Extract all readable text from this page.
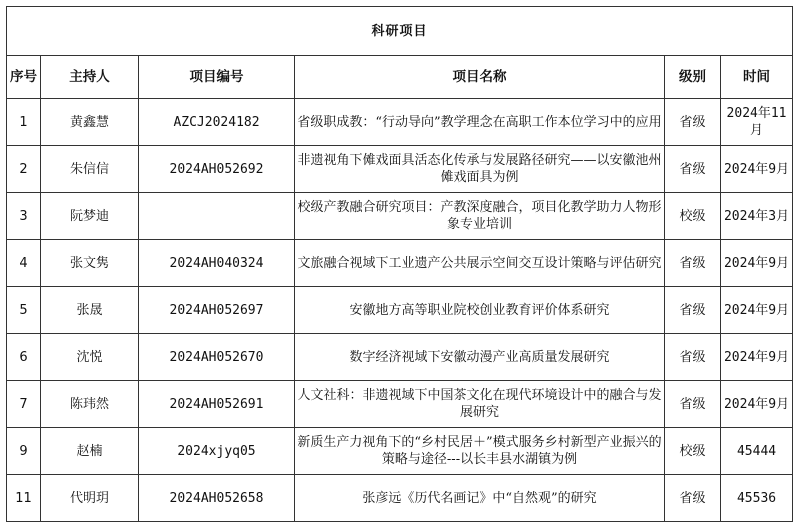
科研项目					
序号	主持人	项目编号	项目名称	级别	时间
1	黄鑫慧	AZCJ2024182	省级职成教：“行动导向”教学理念在高职工作本位学习中的应用	省级	2024年11月
2	朱信信	2024AH052692	非遗视角下傩戏面具活态化传承与发展路径研究——以安徽池州傩戏面具为例	省级	2024年9月
3	阮梦迪		校级产教融合研究项目：产教深度融合，项目化教学助力人物形象专业培训	校级	2024年3月
4	张文隽	2024AH040324	文旅融合视域下工业遗产公共展示空间交互设计策略与评估研究	省级	2024年9月
5	张晟	2024AH052697	安徽地方高等职业院校创业教育评价体系研究	省级	2024年9月
6	沈悦	2024AH052670	数字经济视域下安徽动漫产业高质量发展研究	省级	2024年9月
7	陈玮然	2024AH052691	人文社科：非遗视域下中国茶文化在现代环境设计中的融合与发展研究	省级	2024年9月
9	赵楠	2024xjyq05	新质生产力视角下的“乡村民居＋”模式服务乡村新型产业振兴的策略与途径---以长丰县水湖镇为例	校级	45444
11	代明玥	2024AH052658	张彦远《历代名画记》中“自然观”的研究	省级	45536
